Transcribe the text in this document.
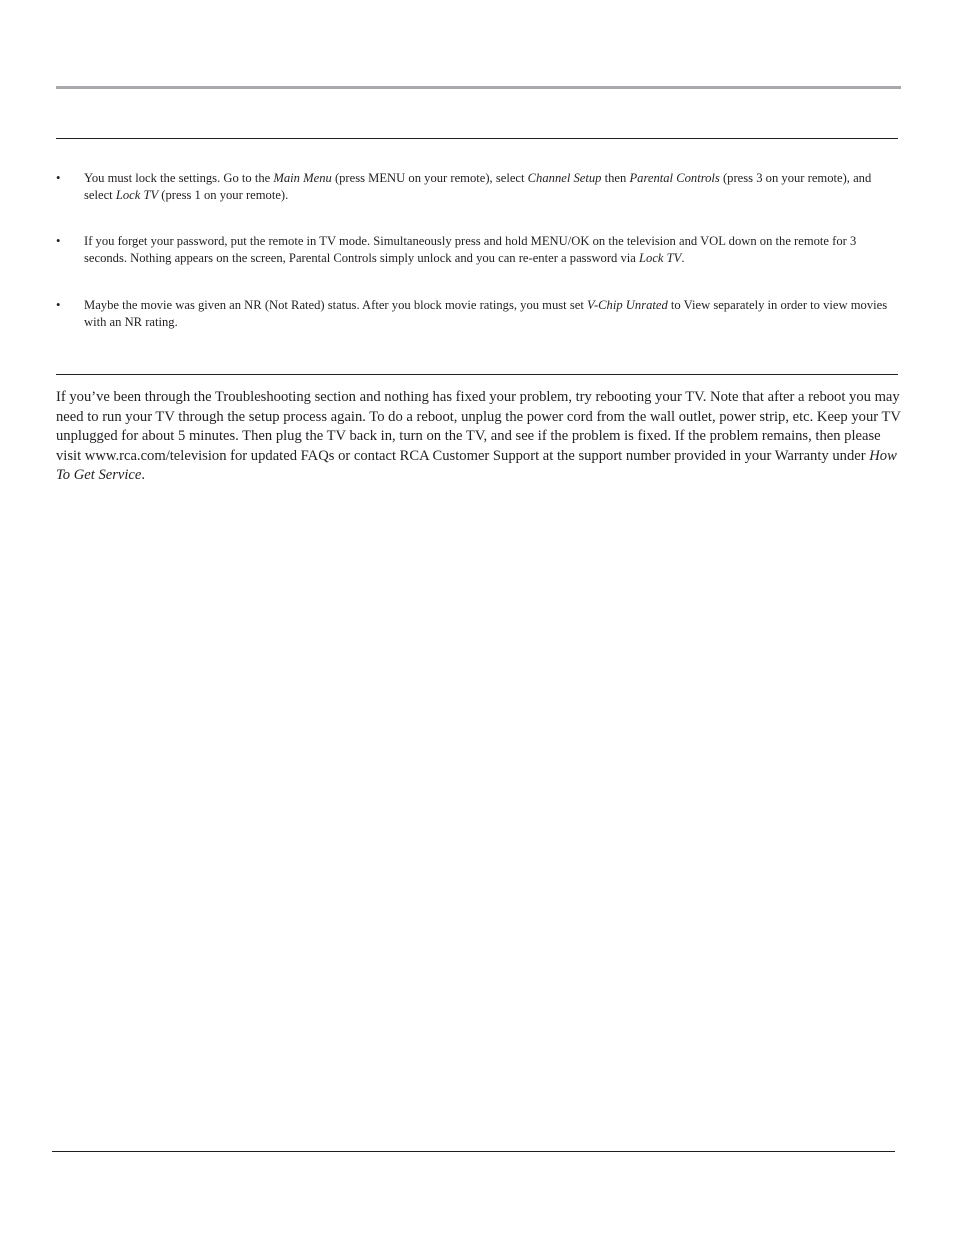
•	You must lock the settings. Go to the Main Menu (press MENU on your remote), select Channel Setup then Parental Controls (press 3 on your remote), and select Lock TV (press 1 on your remote).
•	If you forget your password, put the remote in TV mode. Simultaneously press and hold MENU/OK on the television and VOL down on the remote for 3 seconds. Nothing appears on the screen, Parental Controls simply unlock and you can re-enter a password via Lock TV.
•	Maybe the movie was given an NR (Not Rated) status. After you block movie ratings, you must set V-Chip Unrated to View separately in order to view movies with an NR rating.
If you’ve been through the Troubleshooting section and nothing has fixed your problem, try rebooting your TV. Note that after a reboot you may need to run your TV through the setup process again. To do a reboot, unplug the power cord from the wall outlet, power strip, etc. Keep your TV unplugged for about 5 minutes. Then plug the TV back in, turn on the TV, and see if the problem is fixed. If the problem remains, then please visit www.rca.com/television for updated FAQs or contact RCA Customer Support at the support number provided in your Warranty under How To Get Service.
